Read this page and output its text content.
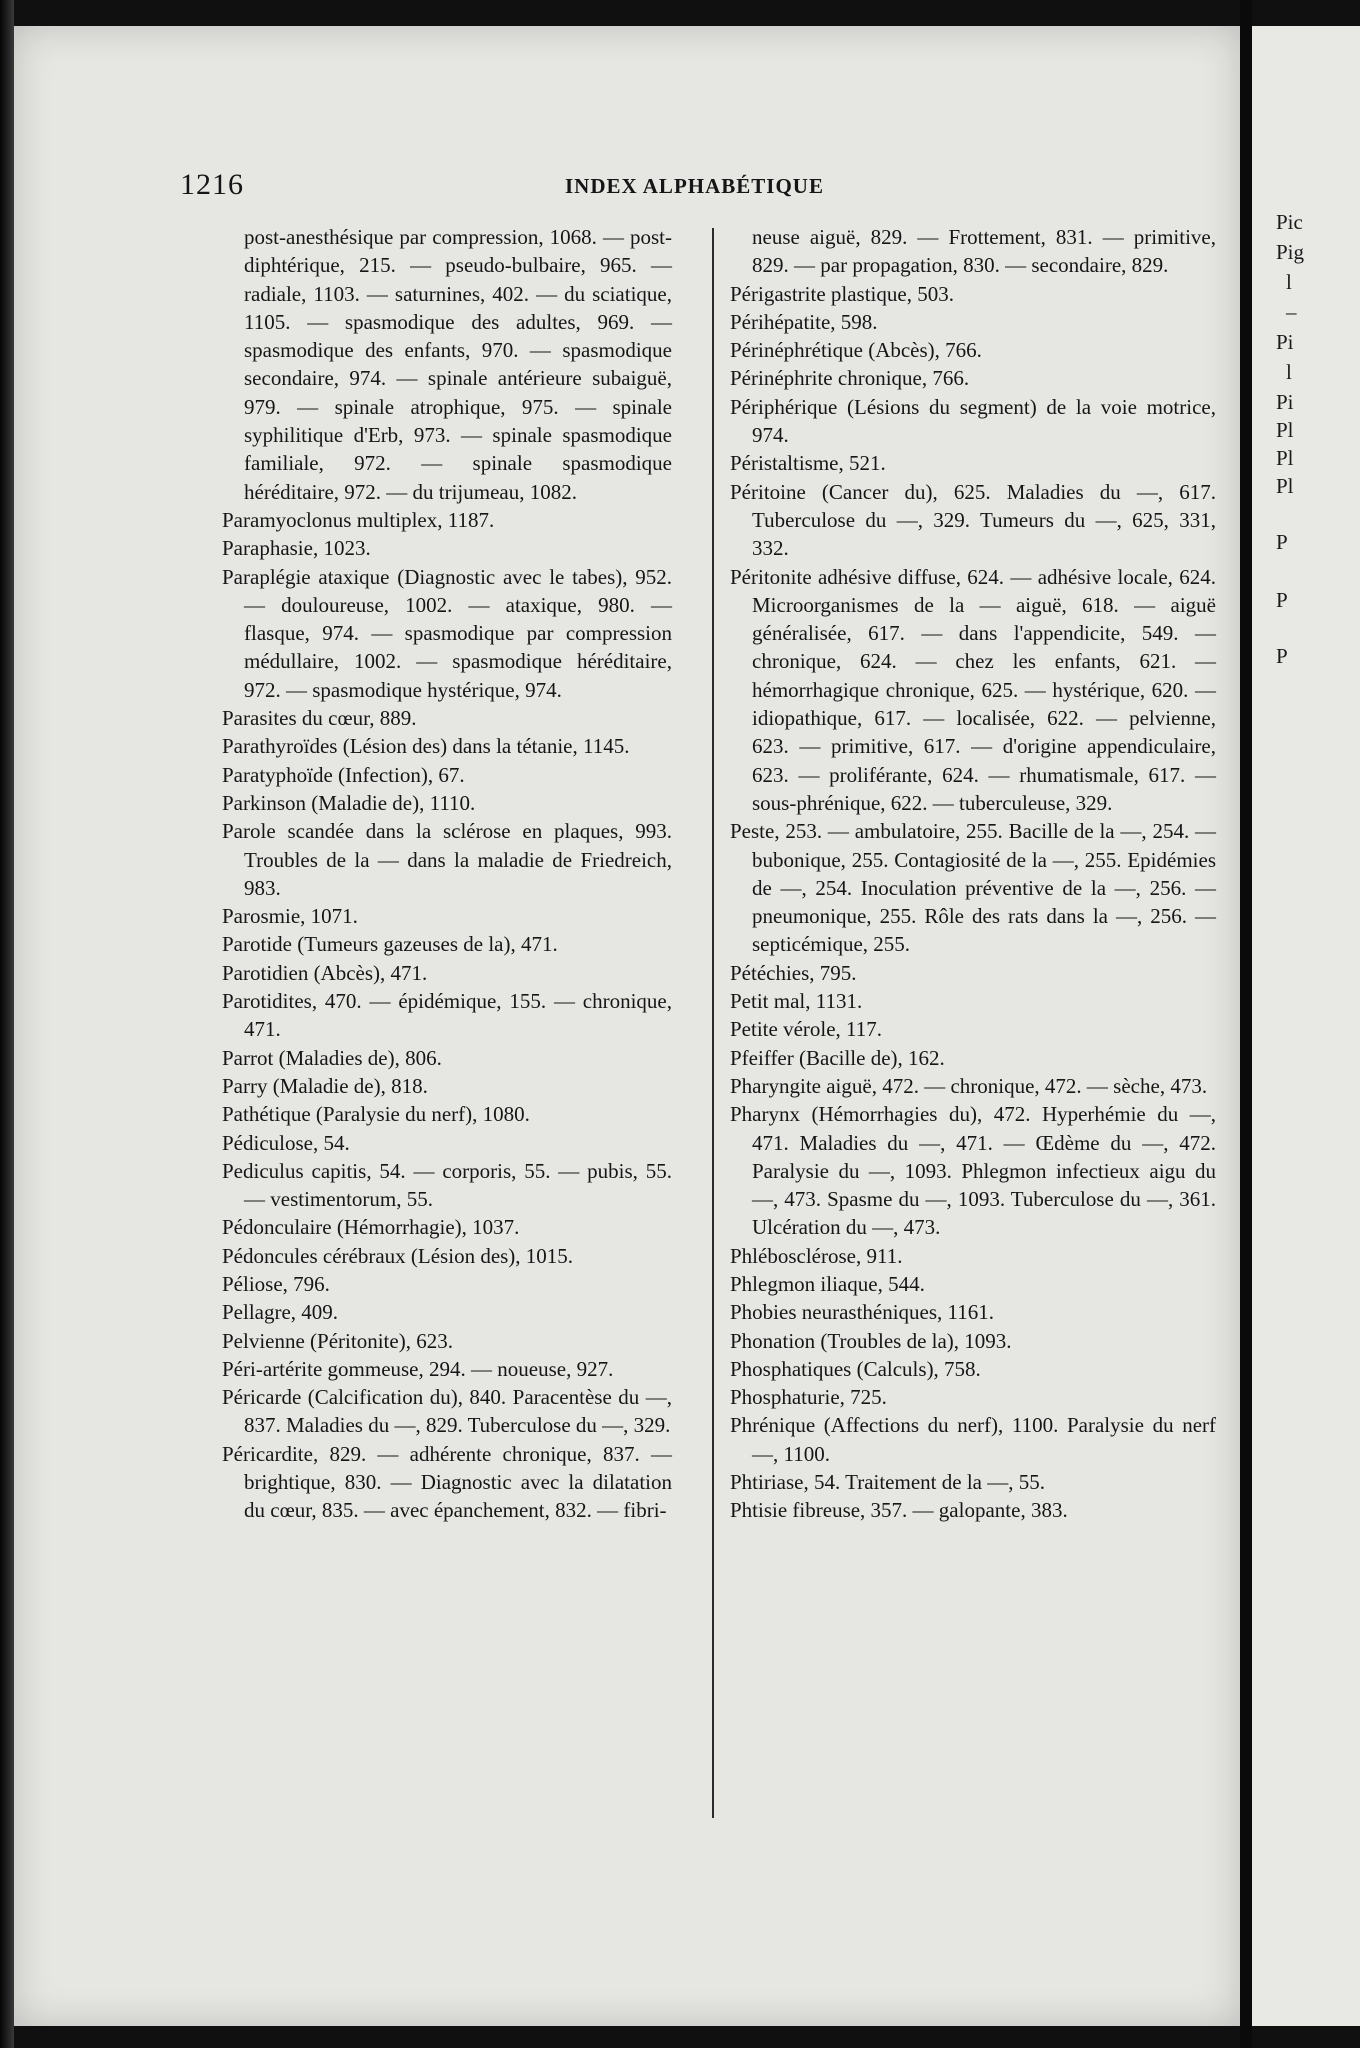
Pic
Pig
l
–
Pi
l
Pi
Pl
Pl
Pl
P
P
P
1216	INDEX ALPHABÉTIQUE

post-anesthésique par compression, 1068. — post-diphtérique, 215. — pseudo-bulbaire, 965. — radiale, 1103. — saturnines, 402. — du sciatique, 1105. — spasmodique des adultes, 969. — spasmodique des enfants, 970. — spasmodique secondaire, 974. — spinale antérieure subaiguë, 979. — spinale atrophique, 975. — spinale syphilitique d'Erb, 973. — spinale spasmodique familiale, 972. — spinale spasmodique héréditaire, 972. — du trijumeau, 1082.

Paramyoclonus multiplex, 1187.

Paraphasie, 1023.

Paraplégie ataxique (Diagnostic avec le tabes), 952. — douloureuse, 1002. — ataxique, 980. — flasque, 974. — spasmodique par compression médullaire, 1002. — spasmodique héréditaire, 972. — spasmodique hystérique, 974.

Parasites du cœur, 889.

Parathyroïdes (Lésion des) dans la tétanie, 1145.

Paratyphoïde (Infection), 67.

Parkinson (Maladie de), 1110.

Parole scandée dans la sclérose en plaques, 993. Troubles de la — dans la maladie de Friedreich, 983.

Parosmie, 1071.

Parotide (Tumeurs gazeuses de la), 471.

Parotidien (Abcès), 471.

Parotidites, 470. — épidémique, 155. — chronique, 471.

Parrot (Maladies de), 806.

Parry (Maladie de), 818.

Pathétique (Paralysie du nerf), 1080.

Pédiculose, 54.

Pediculus capitis, 54. — corporis, 55. — pubis, 55. — vestimentorum, 55.

Pédonculaire (Hémorrhagie), 1037.

Pédoncules cérébraux (Lésion des), 1015.

Péliose, 796.

Pellagre, 409.

Pelvienne (Péritonite), 623.

Péri-artérite gommeuse, 294. — noueuse, 927.

Péricarde (Calcification du), 840. Paracentèse du —, 837. Maladies du —, 829. Tuberculose du —, 329.

Péricardite, 829. — adhérente chronique, 837. — brightique, 830. — Diagnostic avec la dilatation du cœur, 835. — avec épanchement, 832. — fibri-

neuse aiguë, 829. — Frottement, 831. — primitive, 829. — par propagation, 830. — secondaire, 829.

Périgastrite plastique, 503.

Périhépatite, 598.

Périnéphrétique (Abcès), 766.

Périnéphrite chronique, 766.

Périphérique (Lésions du segment) de la voie motrice, 974.

Péristaltisme, 521.

Péritoine (Cancer du), 625. Maladies du —, 617. Tuberculose du —, 329. Tumeurs du —, 625, 331, 332.

Péritonite adhésive diffuse, 624. — adhésive locale, 624. Microorganismes de la — aiguë, 618. — aiguë généralisée, 617. — dans l'appendicite, 549. — chronique, 624. — chez les enfants, 621. — hémorrhagique chronique, 625. — hystérique, 620. — idiopathique, 617. — localisée, 622. — pelvienne, 623. — primitive, 617. — d'origine appendiculaire, 623. — proliférante, 624. — rhumatismale, 617. — sous-phrénique, 622. — tuberculeuse, 329.

Peste, 253. — ambulatoire, 255. Bacille de la —, 254. — bubonique, 255. Contagiosité de la —, 255. Epidémies de —, 254. Inoculation préventive de la —, 256. — pneumonique, 255. Rôle des rats dans la —, 256. — septicémique, 255.

Pétéchies, 795.

Petit mal, 1131.

Petite vérole, 117.

Pfeiffer (Bacille de), 162.

Pharyngite aiguë, 472. — chronique, 472. — sèche, 473.

Pharynx (Hémorrhagies du), 472. Hyperhémie du —, 471. Maladies du —, 471. — Œdème du —, 472. Paralysie du —, 1093. Phlegmon infectieux aigu du —, 473. Spasme du —, 1093. Tuberculose du —, 361. Ulcération du —, 473.

Phlébosclérose, 911.

Phlegmon iliaque, 544.

Phobies neurasthéniques, 1161.

Phonation (Troubles de la), 1093.

Phosphatiques (Calculs), 758.

Phosphaturie, 725.

Phrénique (Affections du nerf), 1100. Paralysie du nerf —, 1100.

Phtiriase, 54. Traitement de la —, 55.

Phtisie fibreuse, 357. — galopante, 383.
